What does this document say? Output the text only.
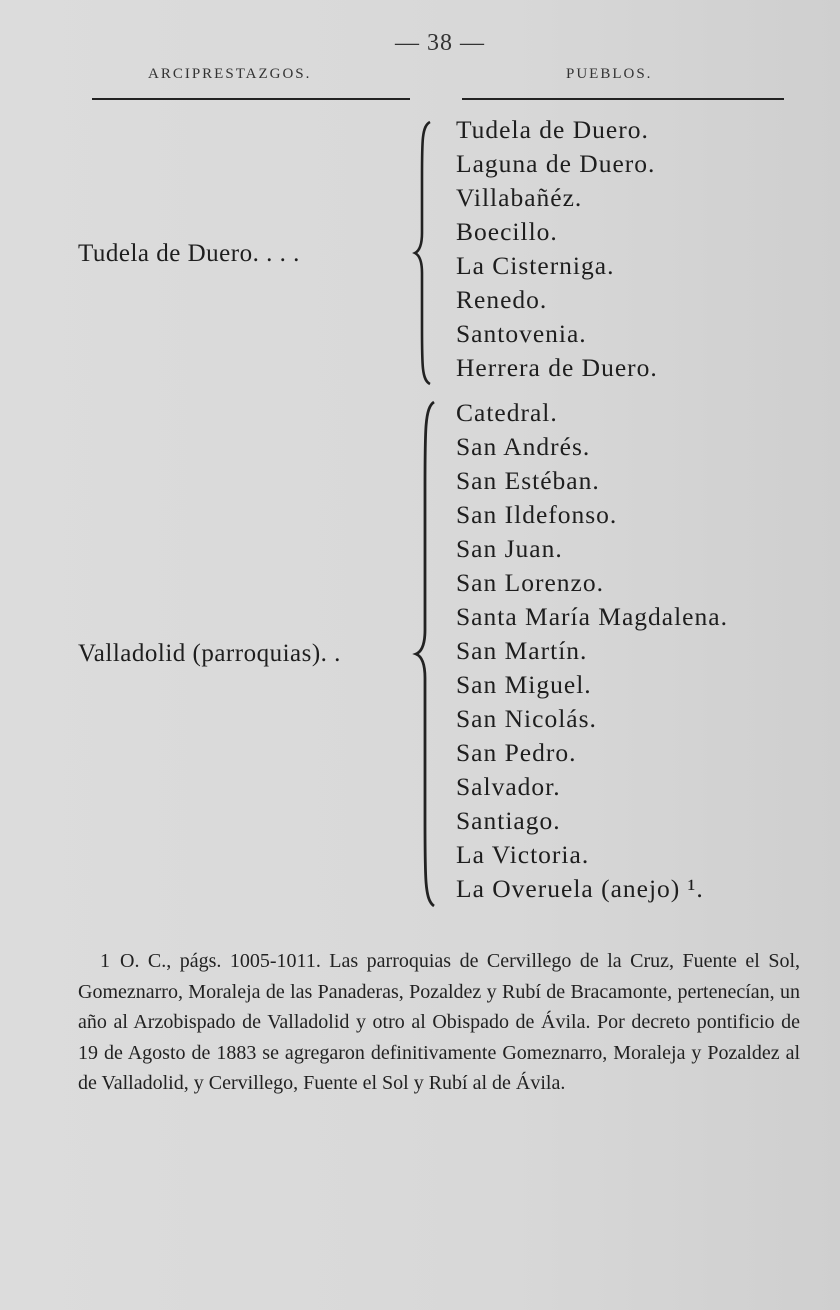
— 38 —
ARCIPRESTAZGOS.	PUEBLOS.
Tudela de Duero. . . .
Tudela de Duero.
Laguna de Duero.
Villabañéz.
Boecillo.
La Cisterniga.
Renedo.
Santovenia.
Herrera de Duero.
Valladolid (parroquias). .
Catedral.
San Andrés.
San Estéban.
San Ildefonso.
San Juan.
San Lorenzo.
Santa María Magdalena.
San Martín.
San Miguel.
San Nicolás.
San Pedro.
Salvador.
Santiago.
La Victoria.
La Overuela (anejo) ¹.

1 O. C., págs. 1005-1011. Las parroquias de Cervillego de la Cruz, Fuente el Sol, Gomeznarro, Moraleja de las Panaderas, Pozaldez y Rubí de Bracamonte, pertenecían, un año al Arzobispado de Valladolid y otro al Obispado de Ávila. Por decreto pontificio de 19 de Agosto de 1883 se agregaron definitivamente Gomeznarro, Moraleja y Pozaldez al de Valladolid, y Cervillego, Fuente el Sol y Rubí al de Ávila.
